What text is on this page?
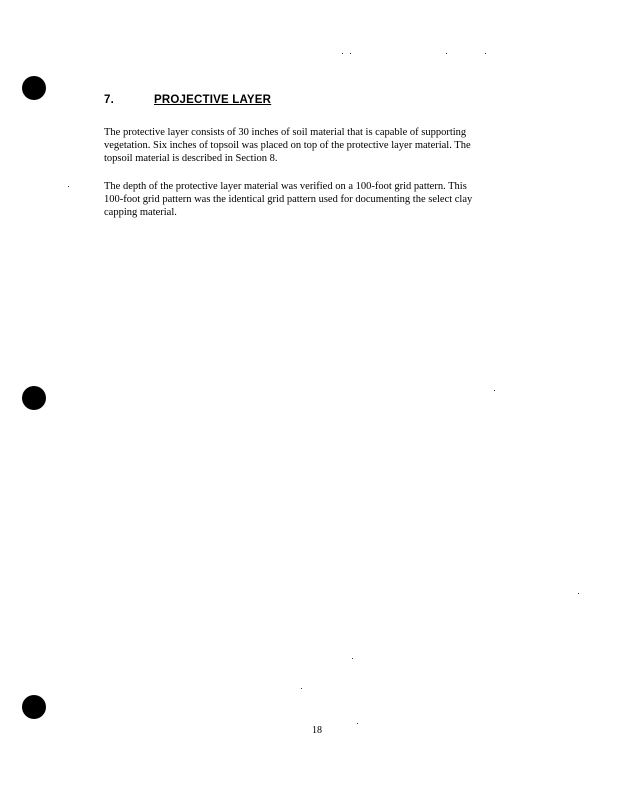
7.	PROJECTIVE LAYER
The protective layer consists of 30 inches of soil material that is capable of supporting
vegetation. Six inches of topsoil was placed on top of the protective layer material. The
topsoil material is described in Section 8.
The depth of the protective layer material was verified on a 100-foot grid pattern. This
100-foot grid pattern was the identical grid pattern used for documenting the select clay
capping material.
18
